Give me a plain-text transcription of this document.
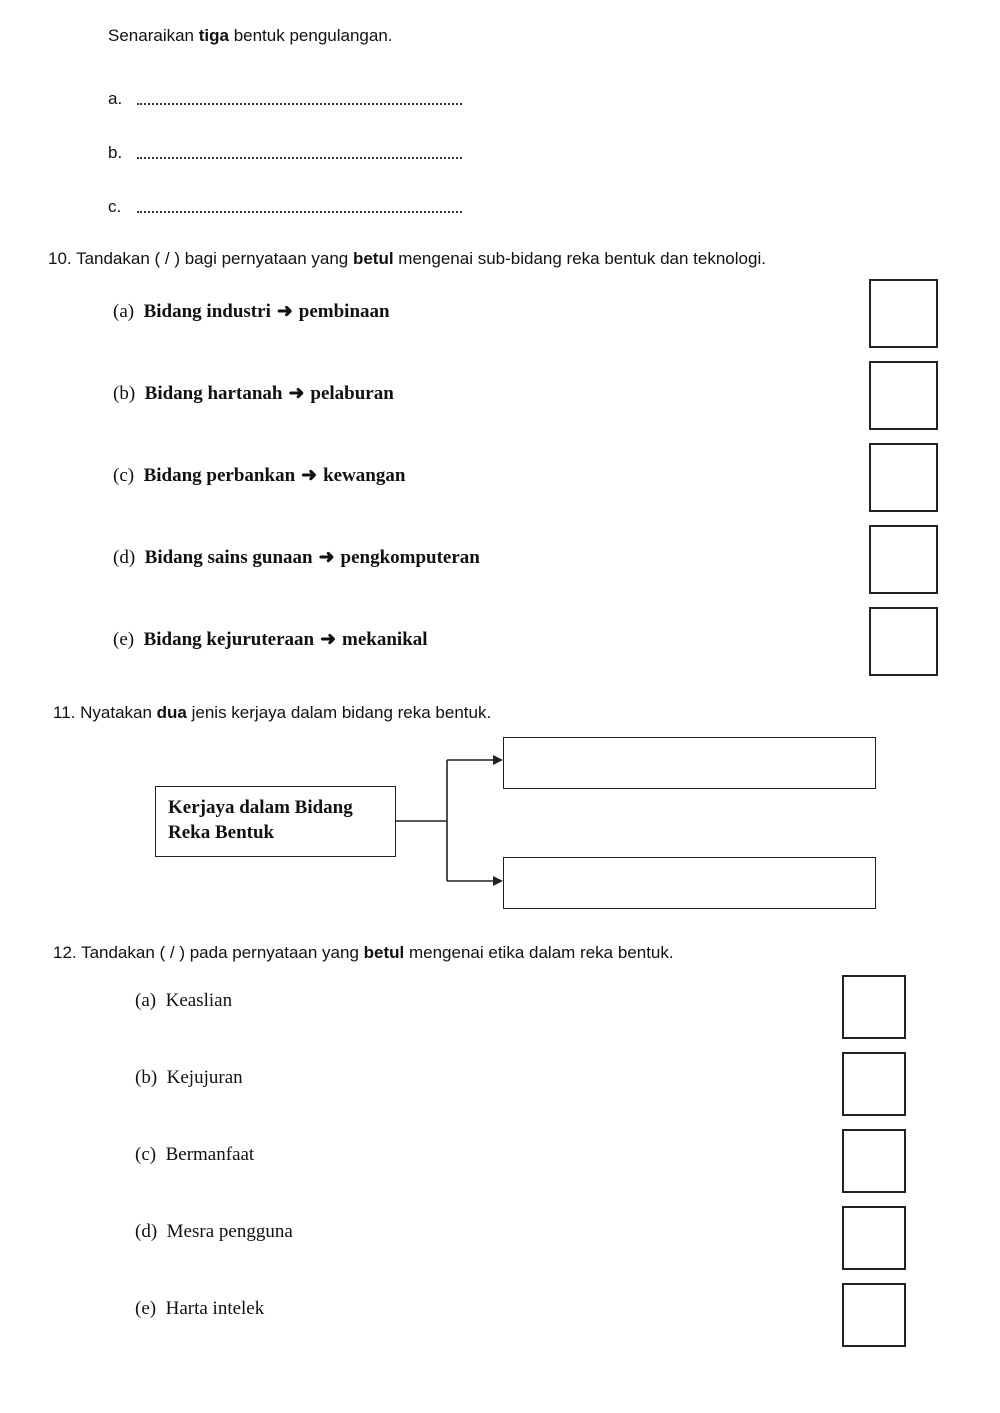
Senaraikan tiga bentuk pengulangan.
a.
b.
c.
10. Tandakan ( / ) bagi pernyataan yang betul mengenai sub-bidang reka bentuk dan teknologi.
(a) Bidang industri ➜ pembinaan
(b) Bidang hartanah ➜ pelaburan
(c) Bidang perbankan ➜ kewangan
(d) Bidang sains gunaan ➜ pengkomputeran
(e) Bidang kejuruteraan ➜ mekanikal
11. Nyatakan dua jenis kerjaya dalam bidang reka bentuk.
Kerjaya dalam Bidang
Reka Bentuk
12. Tandakan ( / ) pada pernyataan yang betul mengenai etika dalam reka bentuk.
(a) Keaslian
(b) Kejujuran
(c) Bermanfaat
(d) Mesra pengguna
(e) Harta intelek
